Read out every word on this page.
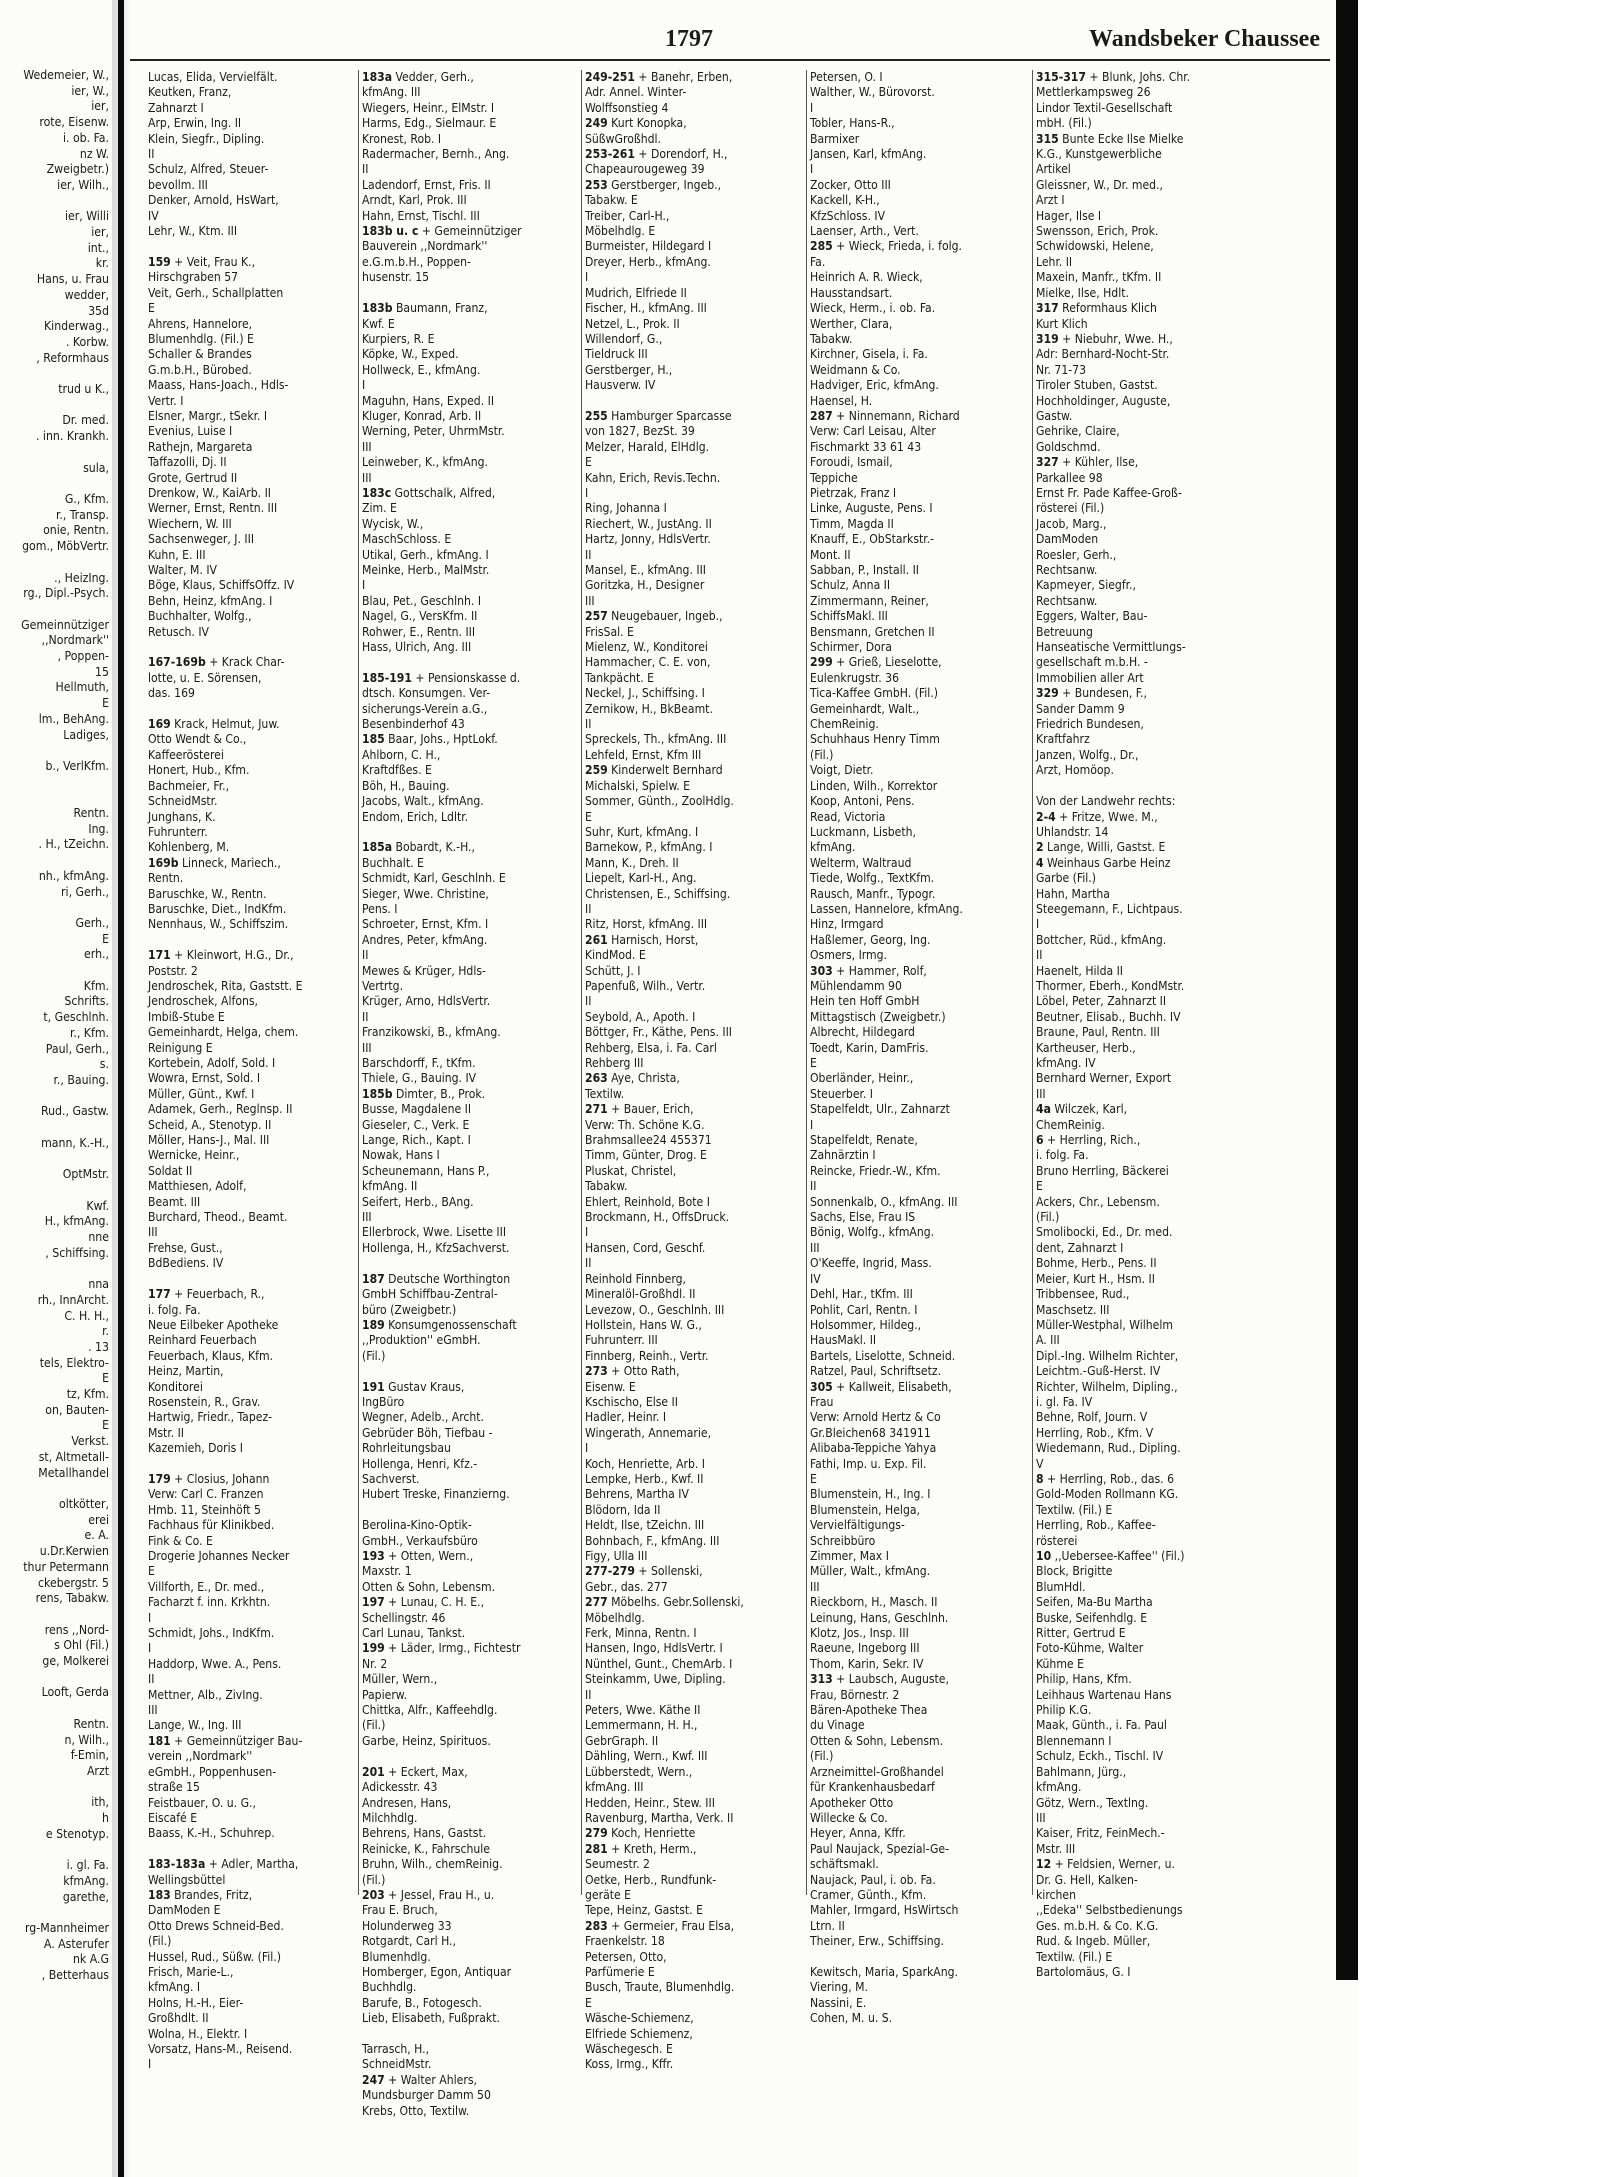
Wedemeier, W.,
ier, W.,
ier,
rote, Eisenw.
i. ob. Fa.
nz W.
Zweigbetr.)
ier, Wilh.,

ier, Willi
ier,
int.,
kr.
Hans, u. Frau
wedder,
35d
Kinderwag.,
. Korbw.
, Reformhaus

trud u K.,

Dr. med.
. inn. Krankh.

sula,

G., Kfm.
r., Transp.
onie, Rentn.
gom., MöbVertr.

., HeizIng.
rg., Dipl.-Psych.

Gemeinnütziger
,,Nordmark''
, Poppen-
15
Hellmuth,
E
lm., BehAng.
Ladiges,

b., VerlKfm.

Rentn.
Ing.
. H., tZeichn.

nh., kfmAng.
ri, Gerh.,

Gerh.,
E
erh.,

Kfm.
Schrifts.
t, Geschlnh.
r., Kfm.
Paul, Gerh.,
s.
r., Bauing.

Rud., Gastw.

mann, K.-H.,

OptMstr.

Kwf.
H., kfmAng.
nne
, Schiffsing.

nna
rh., InnArcht.
C. H. H.,
r.
. 13
tels, Elektro-
E
tz, Kfm.
on, Bauten-
E
Verkst.
st, Altmetall-
Metallhandel

oltkötter,
erei
e. A.
u.Dr.Kerwien
thur Petermann
ckebergstr. 5
rens, Tabakw.

rens ,,Nord-
s Ohl (Fil.)
ge, Molkerei

Looft, Gerda

Rentn.
n, Wilh.,
f-Emin,
Arzt

ith,
h
e Stenotyp.

i. gl. Fa.
kfmAng.
garethe,

rg-Mannheimer
A. Asterufer
nk A.G
, Betterhaus
1797	Wandsbeker Chaussee
Lucas, Elida, Vervielfält.
Keutken, Franz,
Zahnarzt I
Arp, Erwin, Ing. II
Klein, Siegfr., Dipling.
II
Schulz, Alfred, Steuer-
bevollm. III
Denker, Arnold, HsWart,
IV
Lehr, W., Ktm. III

159 + Veit, Frau K.,
Hirschgraben 57
Veit, Gerh., Schallplatten
E
Ahrens, Hannelore,
Blumenhdlg. (Fil.) E
Schaller & Brandes
G.m.b.H., Bürobed.
Maass, Hans-Joach., Hdls-
Vertr. I
Elsner, Margr., tSekr. I
Evenius, Luise I
Rathejn, Margareta
Taffazolli, Dj. II
Grote, Gertrud II
Drenkow, W., KaiArb. II
Werner, Ernst, Rentn. III
Wiechern, W. III
Sachsenweger, J. III
Kuhn, E. III
Walter, M. IV
Böge, Klaus, SchiffsOffz. IV
Behn, Heinz, kfmAng. I
Buchhalter, Wolfg.,
Retusch. IV

167-169b + Krack Char-
lotte, u. E. Sörensen,
das. 169

169 Krack, Helmut, Juw.
Otto Wendt & Co.,
Kaffeerösterei
Honert, Hub., Kfm.
Bachmeier, Fr.,
SchneidMstr.
Junghans, K.
Fuhrunterr.
Kohlenberg, M.
169b Linneck, Mariech.,
Rentn.
Baruschke, W., Rentn.
Baruschke, Diet., IndKfm.
Nennhaus, W., Schiffszim.

171 + Kleinwort, H.G., Dr.,
Poststr. 2
Jendroschek, Rita, Gaststt. E
Jendroschek, Alfons,
Imbiß-Stube E
Gemeinhardt, Helga, chem.
Reinigung E
Kortebein, Adolf, Sold. I
Wowra, Ernst, Sold. I
Müller, Günt., Kwf. I
Adamek, Gerh., Reglnsp. II
Scheid, A., Stenotyp. II
Möller, Hans-J., Mal. III
Wernicke, Heinr.,
Soldat II
Matthiesen, Adolf,
Beamt. III
Burchard, Theod., Beamt.
III
Frehse, Gust.,
BdBediens. IV

177 + Feuerbach, R.,
i. folg. Fa.
Neue Eilbeker Apotheke
Reinhard Feuerbach
Feuerbach, Klaus, Kfm.
Heinz, Martin,
Konditorei
Rosenstein, R., Grav.
Hartwig, Friedr., Tapez-
Mstr. II
Kazemieh, Doris I

179 + Closius, Johann
Verw: Carl C. Franzen
Hmb. 11, Steinhöft 5
Fachhaus für Klinikbed.
Fink & Co. E
Drogerie Johannes Necker
E
Villforth, E., Dr. med.,
Facharzt f. inn. Krkhtn.
I
Schmidt, Johs., IndKfm.
I
Haddorp, Wwe. A., Pens.
II
Mettner, Alb., ZivIng.
III
Lange, W., Ing. III
181 + Gemeinnütziger Bau-
verein ,,Nordmark''
eGmbH., Poppenhusen-
straße 15
Feistbauer, O. u. G.,
Eiscafé E
Baass, K.-H., Schuhrep.

183-183a + Adler, Martha,
Wellingsbüttel
183 Brandes, Fritz,
DamModen E
Otto Drews Schneid-Bed.
(Fil.)
Hussel, Rud., Süßw. (Fil.)
Frisch, Marie-L.,
kfmAng. I
Holns, H.-H., Eier-
Großhdlt. II
Wolna, H., Elektr. I
Vorsatz, Hans-M., Reisend.
I
183a Vedder, Gerh.,
kfmAng. III
Wiegers, Heinr., ElMstr. I
Harms, Edg., Sielmaur. E
Kronest, Rob. I
Radermacher, Bernh., Ang.
II
Ladendorf, Ernst, Fris. II
Arndt, Karl, Prok. III
Hahn, Ernst, Tischl. III
183b u. c + Gemeinnütziger
Bauverein ,,Nordmark''
e.G.m.b.H., Poppen-
husenstr. 15

183b Baumann, Franz,
Kwf. E
Kurpiers, R. E
Köpke, W., Exped.
Hollweck, E., kfmAng.
I
Maguhn, Hans, Exped. II
Kluger, Konrad, Arb. II
Werning, Peter, UhrmMstr.
III
Leinweber, K., kfmAng.
III
183c Gottschalk, Alfred,
Zim. E
Wycisk, W.,
MaschSchloss. E
Utikal, Gerh., kfmAng. I
Meinke, Herb., MalMstr.
I
Blau, Pet., Geschlnh. I
Nagel, G., VersKfm. II
Rohwer, E., Rentn. III
Hass, Ulrich, Ang. III

185-191 + Pensionskasse d.
dtsch. Konsumgen. Ver-
sicherungs-Verein a.G.,
Besenbinderhof 43
185 Baar, Johs., HptLokf.
Ahlborn, C. H.,
Kraftdfßes. E
Böh, H., Bauing.
Jacobs, Walt., kfmAng.
Endom, Erich, Ldltr.

185a Bobardt, K.-H.,
Buchhalt. E
Schmidt, Karl, Geschlnh. E
Sieger, Wwe. Christine,
Pens. I
Schroeter, Ernst, Kfm. I
Andres, Peter, kfmAng.
II
Mewes & Krüger, Hdls-
Vertrtg.
Krüger, Arno, HdlsVertr.
II
Franzikowski, B., kfmAng.
III
Barschdorff, F., tKfm.
Thiele, G., Bauing. IV
185b Dimter, B., Prok.
Busse, Magdalene II
Gieseler, C., Verk. E
Lange, Rich., Kapt. I
Nowak, Hans I
Scheunemann, Hans P.,
kfmAng. II
Seifert, Herb., BAng.
III
Ellerbrock, Wwe. Lisette III
Hollenga, H., KfzSachverst.

187 Deutsche Worthington
GmbH Schiffbau-Zentral-
büro (Zweigbetr.)
189 Konsumgenossenschaft
,,Produktion'' eGmbH.
(Fil.)

191 Gustav Kraus,
IngBüro
Wegner, Adelb., Archt.
Gebrüder Böh, Tiefbau -
Rohrleitungsbau
Hollenga, Henri, Kfz.-
Sachverst.
Hubert Treske, Finanzierng.

Berolina-Kino-Optik-
GmbH., Verkaufsbüro
193 + Otten, Wern.,
Maxstr. 1
Otten & Sohn, Lebensm.
197 + Lunau, C. H. E.,
Schellingstr. 46
Carl Lunau, Tankst.
199 + Läder, Irmg., Fichtestr
Nr. 2
Müller, Wern.,
Papierw.
Chittka, Alfr., Kaffeehdlg.
(Fil.)
Garbe, Heinz, Spirituos.

201 + Eckert, Max,
Adickesstr. 43
Andresen, Hans,
Milchhdlg.
Behrens, Hans, Gastst.
Reinicke, K., Fahrschule
Bruhn, Wilh., chemReinig.
(Fil.)
203 + Jessel, Frau H., u.
Frau E. Bruch,
Holunderweg 33
Rotgardt, Carl H.,
Blumenhdlg.
Homberger, Egon, Antiquar
Buchhdlg.
Barufe, B., Fotogesch.
Lieb, Elisabeth, Fußprakt.

Tarrasch, H.,
SchneidMstr.
247 + Walter Ahlers,
Mundsburger Damm 50
Krebs, Otto, Textilw.
249-251 + Banehr, Erben,
Adr. Annel. Winter-
Wolffsonstieg 4
249 Kurt Konopka,
SüßwGroßhdl.
253-261 + Dorendorf, H.,
Chapeaurougeweg 39
253 Gerstberger, Ingeb.,
Tabakw. E
Treiber, Carl-H.,
Möbelhdlg. E
Burmeister, Hildegard I
Dreyer, Herb., kfmAng.
I
Mudrich, Elfriede II
Fischer, H., kfmAng. III
Netzel, L., Prok. II
Willendorf, G.,
Tieldruck III
Gerstberger, H.,
Hausverw. IV

255 Hamburger Sparcasse
von 1827, BezSt. 39
Melzer, Harald, ElHdlg.
E
Kahn, Erich, Revis.Techn.
I
Ring, Johanna I
Riechert, W., JustAng. II
Hartz, Jonny, HdlsVertr.
II
Mansel, E., kfmAng. III
Goritzka, H., Designer
III
257 Neugebauer, Ingeb.,
FrisSal. E
Mielenz, W., Konditorei
Hammacher, C. E. von,
Tankpächt. E
Neckel, J., Schiffsing. I
Zernikow, H., BkBeamt.
II
Spreckels, Th., kfmAng. III
Lehfeld, Ernst, Kfm III
259 Kinderwelt Bernhard
Michalski, Spielw. E
Sommer, Günth., ZoolHdlg.
E
Suhr, Kurt, kfmAng. I
Barnekow, P., kfmAng. I
Mann, K., Dreh. II
Liepelt, Karl-H., Ang.
Christensen, E., Schiffsing.
II
Ritz, Horst, kfmAng. III
261 Harnisch, Horst,
KindMod. E
Schütt, J. I
Papenfuß, Wilh., Vertr.
II
Seybold, A., Apoth. I
Böttger, Fr., Käthe, Pens. III
Rehberg, Elsa, i. Fa. Carl
Rehberg III
263 Aye, Christa,
Textilw.
271 + Bauer, Erich,
Verw: Th. Schöne K.G.
Brahmsallee24 455371
Timm, Günter, Drog. E
Pluskat, Christel,
Tabakw.
Ehlert, Reinhold, Bote I
Brockmann, H., OffsDruck.
I
Hansen, Cord, Geschf.
II
Reinhold Finnberg,
Mineralöl-Großhdl. II
Levezow, O., Geschlnh. III
Hollstein, Hans W. G.,
Fuhrunterr. III
Finnberg, Reinh., Vertr.
273 + Otto Rath,
Eisenw. E
Kschischo, Else II
Hadler, Heinr. I
Wingerath, Annemarie,
I
Koch, Henriette, Arb. I
Lempke, Herb., Kwf. II
Behrens, Martha IV
Blödorn, Ida II
Heldt, Ilse, tZeichn. III
Bohnbach, F., kfmAng. III
Figy, Ulla III
277-279 + Sollenski,
Gebr., das. 277
277 Möbelhs. Gebr.Sollenski,
Möbelhdlg.
Ferk, Minna, Rentn. I
Hansen, Ingo, HdlsVertr. I
Nünthel, Gunt., ChemArb. I
Steinkamm, Uwe, Dipling.
II
Peters, Wwe. Käthe II
Lemmermann, H. H.,
GebrGraph. II
Dähling, Wern., Kwf. III
Lübberstedt, Wern.,
kfmAng. III
Hedden, Heinr., Stew. III
Ravenburg, Martha, Verk. II
279 Koch, Henriette
281 + Kreth, Herm.,
Seumestr. 2
Oetke, Herb., Rundfunk-
geräte E
Tepe, Heinz, Gastst. E
283 + Germeier, Frau Elsa,
Fraenkelstr. 18
Petersen, Otto,
Parfümerie E
Busch, Traute, Blumenhdlg.
E
Wäsche-Schiemenz,
Elfriede Schiemenz,
Wäschegesch. E
Koss, Irmg., Kffr.
Petersen, O. I
Walther, W., Bürovorst.
I
Tobler, Hans-R.,
Barmixer
Jansen, Karl, kfmAng.
I
Zocker, Otto III
Kackell, K-H.,
KfzSchloss. IV
Laenser, Arth., Vert.
285 + Wieck, Frieda, i. folg.
Fa.
Heinrich A. R. Wieck,
Hausstandsart.
Wieck, Herm., i. ob. Fa.
Werther, Clara,
Tabakw.
Kirchner, Gisela, i. Fa.
Weidmann & Co.
Hadviger, Eric, kfmAng.
Haensel, H.
287 + Ninnemann, Richard
Verw: Carl Leisau, Alter
Fischmarkt 33 61 43
Foroudi, Ismail,
Teppiche
Pietrzak, Franz I
Linke, Auguste, Pens. I
Timm, Magda II
Knauff, E., ObStarkstr.-
Mont. II
Sabban, P., Install. II
Schulz, Anna II
Zimmermann, Reiner,
SchiffsMakl. III
Bensmann, Gretchen II
Schirmer, Dora
299 + Grieß, Lieselotte,
Eulenkrugstr. 36
Tica-Kaffee GmbH. (Fil.)
Gemeinhardt, Walt.,
ChemReinig.
Schuhhaus Henry Timm
(Fil.)
Voigt, Dietr.
Linden, Wilh., Korrektor
Koop, Antoni, Pens.
Read, Victoria
Luckmann, Lisbeth,
kfmAng.
Welterm, Waltraud
Tiede, Wolfg., TextKfm.
Rausch, Manfr., Typogr.
Lassen, Hannelore, kfmAng.
Hinz, Irmgard
Haßlemer, Georg, Ing.
Osmers, Irmg.
303 + Hammer, Rolf,
Mühlendamm 90
Hein ten Hoff GmbH
Mittagstisch (Zweigbetr.)
Albrecht, Hildegard
Toedt, Karin, DamFris.
E
Oberländer, Heinr.,
Steuerber. I
Stapelfeldt, Ulr., Zahnarzt
I
Stapelfeldt, Renate,
Zahnärztin I
Reincke, Friedr.-W., Kfm.
II
Sonnenkalb, O., kfmAng. III
Sachs, Else, Frau IS
Bönig, Wolfg., kfmAng.
III
O'Keeffe, Ingrid, Mass.
IV
Dehl, Har., tKfm. III
Pohlit, Carl, Rentn. I
Holsommer, Hildeg.,
HausMakl. II
Bartels, Liselotte, Schneid.
Ratzel, Paul, Schriftsetz.
305 + Kallweit, Elisabeth,
Frau
Verw: Arnold Hertz & Co
Gr.Bleichen68 341911
Alibaba-Teppiche Yahya
Fathi, Imp. u. Exp. Fil.
E
Blumenstein, H., Ing. I
Blumenstein, Helga,
Vervielfältigungs-
Schreibbüro
Zimmer, Max I
Müller, Walt., kfmAng.
III
Rieckborn, H., Masch. II
Leinung, Hans, Geschlnh.
Klotz, Jos., Insp. III
Raeune, Ingeborg III
Thom, Karin, Sekr. IV
313 + Laubsch, Auguste,
Frau, Börnestr. 2
Bären-Apotheke Thea
du Vinage
Otten & Sohn, Lebensm.
(Fil.)
Arzneimittel-Großhandel
für Krankenhausbedarf
Apotheker Otto
Willecke & Co.
Heyer, Anna, Kffr.
Paul Naujack, Spezial-Ge-
schäftsmakl.
Naujack, Paul, i. ob. Fa.
Cramer, Günth., Kfm.
Mahler, Irmgard, HsWirtsch
Ltrn. II
Theiner, Erw., Schiffsing.

Kewitsch, Maria, SparkAng.
Viering, M.
Nassini, E.
Cohen, M. u. S.
315-317 + Blunk, Johs. Chr.
Mettlerkampsweg 26
Lindor Textil-Gesellschaft
mbH. (Fil.)
315 Bunte Ecke Ilse Mielke
K.G., Kunstgewerbliche
Artikel
Gleissner, W., Dr. med.,
Arzt I
Hager, Ilse I
Swensson, Erich, Prok.
Schwidowski, Helene,
Lehr. II
Maxein, Manfr., tKfm. II
Mielke, Ilse, Hdlt.
317 Reformhaus Klich
Kurt Klich
319 + Niebuhr, Wwe. H.,
Adr: Bernhard-Nocht-Str.
Nr. 71-73
Tiroler Stuben, Gastst.
Hochholdinger, Auguste,
Gastw.
Gehrike, Claire,
Goldschmd.
327 + Kühler, Ilse,
Parkallee 98
Ernst Fr. Pade Kaffee-Groß-
rösterei (Fil.)
Jacob, Marg.,
DamModen
Roesler, Gerh.,
Rechtsanw.
Kapmeyer, Siegfr.,
Rechtsanw.
Eggers, Walter, Bau-
Betreuung
Hanseatische Vermittlungs-
gesellschaft m.b.H. -
Immobilien aller Art
329 + Bundesen, F.,
Sander Damm 9
Friedrich Bundesen,
Kraftfahrz
Janzen, Wolfg., Dr.,
Arzt, Homöop.

Von der Landwehr rechts:
2-4 + Fritze, Wwe. M.,
Uhlandstr. 14
2 Lange, Willi, Gastst. E
4 Weinhaus Garbe Heinz
Garbe (Fil.)
Hahn, Martha
Steegemann, F., Lichtpaus.
I
Bottcher, Rüd., kfmAng.
II
Haenelt, Hilda II
Thormer, Eberh., KondMstr.
Löbel, Peter, Zahnarzt II
Beutner, Elisab., Buchh. IV
Braune, Paul, Rentn. III
Kartheuser, Herb.,
kfmAng. IV
Bernhard Werner, Export
III
4a Wilczek, Karl,
ChemReinig.
6 + Herrling, Rich.,
i. folg. Fa.
Bruno Herrling, Bäckerei
E
Ackers, Chr., Lebensm.
(Fil.)
Smolibocki, Ed., Dr. med.
dent, Zahnarzt I
Bohme, Herb., Pens. II
Meier, Kurt H., Hsm. II
Tribbensee, Rud.,
Maschsetz. III
Müller-Westphal, Wilhelm
A. III
Dipl.-Ing. Wilhelm Richter,
Leichtm.-Guß-Herst. IV
Richter, Wilhelm, Dipling.,
i. gl. Fa. IV
Behne, Rolf, Journ. V
Herrling, Rob., Kfm. V
Wiedemann, Rud., Dipling.
V
8 + Herrling, Rob., das. 6
Gold-Moden Rollmann KG.
Textilw. (Fil.) E
Herrling, Rob., Kaffee-
rösterei
10 ,,Uebersee-Kaffee'' (Fil.)
Block, Brigitte
BlumHdl.
Seifen, Ma-Bu Martha
Buske, Seifenhdlg. E
Ritter, Gertrud E
Foto-Kühme, Walter
Kühme E
Philip, Hans, Kfm.
Leihhaus Wartenau Hans
Philip K.G.
Maak, Günth., i. Fa. Paul
Blennemann I
Schulz, Eckh., Tischl. IV
Bahlmann, Jürg.,
kfmAng.
Götz, Wern., Textlng.
III
Kaiser, Fritz, FeinMech.-
Mstr. III
12 + Feldsien, Werner, u.
Dr. G. Hell, Kalken-
kirchen
,,Edeka'' Selbstbedienungs
Ges. m.b.H. & Co. K.G.
Rud. & Ingeb. Müller,
Textilw. (Fil.) E
Bartolomäus, G. I
